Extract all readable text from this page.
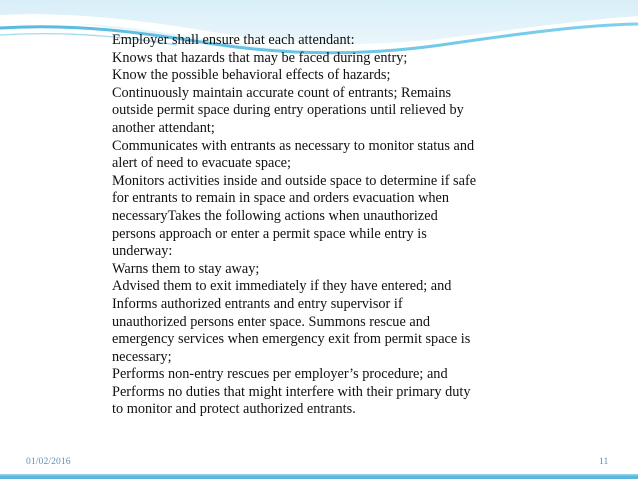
Employer shall ensure that each attendant:
Knows that hazards that may be faced during entry;
Know the possible behavioral effects of hazards;
Continuously maintain accurate count of entrants; Remains
outside permit space during entry operations until relieved by
another attendant;
Communicates with entrants as necessary to monitor status and
alert of need to evacuate space;
Monitors activities inside and outside space to determine if safe
for entrants to remain in space and orders evacuation when
necessaryTakes the following actions when unauthorized
persons approach or enter a permit space while entry is
underway:
Warns them to stay away;
Advised them to exit immediately if they have entered; and
Informs authorized entrants and entry supervisor if
unauthorized persons enter space. Summons rescue and
emergency services when emergency exit from permit space is
necessary;
Performs non-entry rescues per employer’s procedure; and
Performs no duties that might interfere with their primary duty
to monitor and protect authorized entrants.
01/02/2016	11
